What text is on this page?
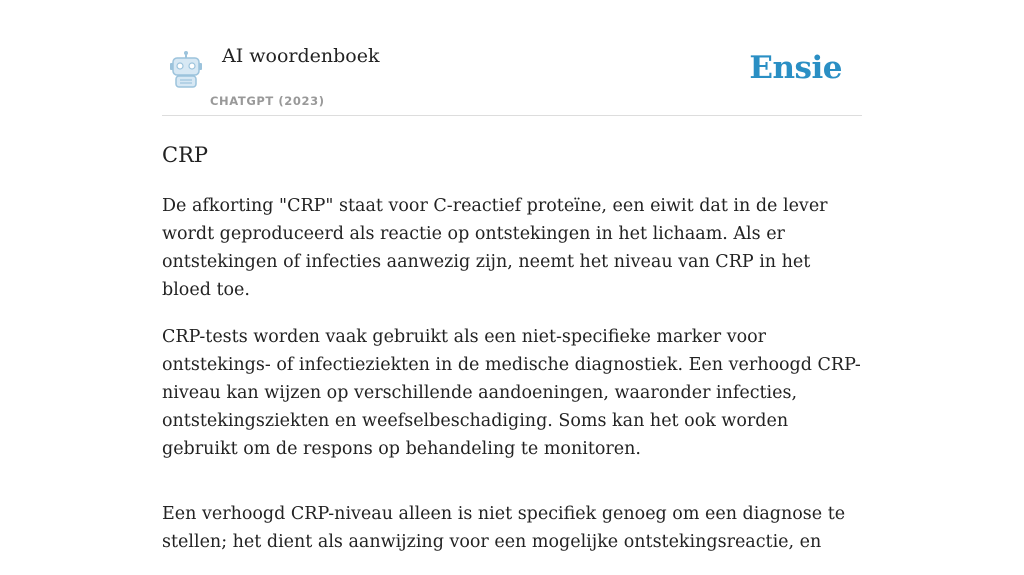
AI woordenboek
CHATGPT (2023)
Ensie
CRP

De afkorting "CRP" staat voor C-reactief proteïne, een eiwit dat in de lever wordt geproduceerd als reactie op ontstekingen in het lichaam. Als er ontstekingen of infecties aanwezig zijn, neemt het niveau van CRP in het bloed toe.

CRP-tests worden vaak gebruikt als een niet-specifieke marker voor ontstekings- of infectieziekten in de medische diagnostiek. Een verhoogd CRP-niveau kan wijzen op verschillende aandoeningen, waaronder infecties, ontstekingsziekten en weefselbeschadiging. Soms kan het ook worden gebruikt om de respons op behandeling te monitoren.

Een verhoogd CRP-niveau alleen is niet specifiek genoeg om een diagnose te stellen; het dient als aanwijzing voor een mogelijke ontstekingsreactie, en
